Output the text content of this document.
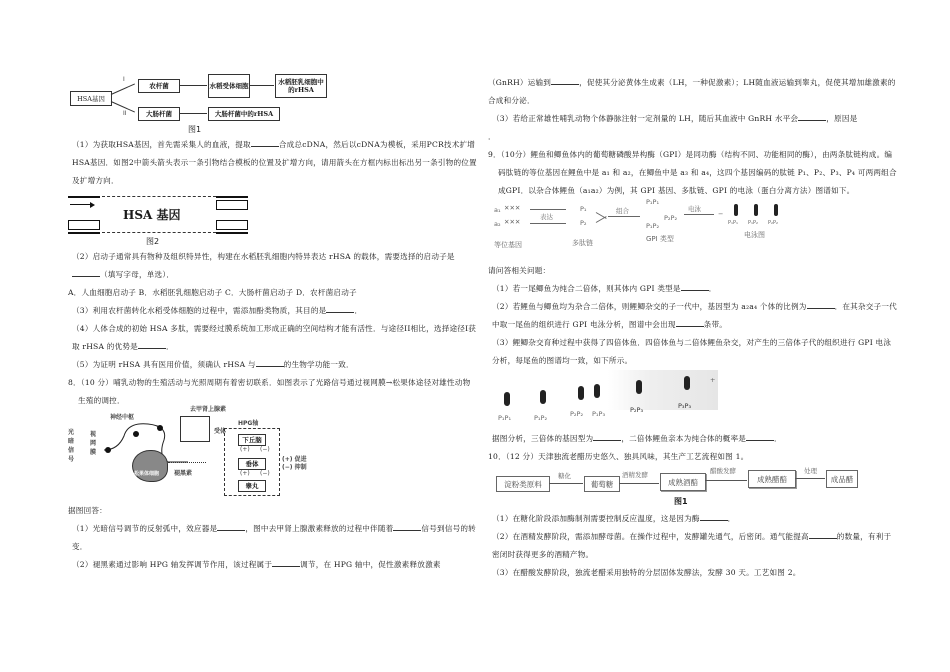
HSA基因
I
II
农杆菌	水稻受体细胞	水稻胚乳细胞中的rHSA
大肠杆菌	大肠杆菌中的rHSA
图1

（1）为获取HSA基因，首先需采集人的血液，提取	合成总cDNA，然后以cDNA为模板，采用PCR技术扩增HSA基因．如图2中箭头箭头表示一条引物结合模板的位置及扩增方向，请用箭头在方框内标出标出另一条引物的位置及扩增方向．

HSA 基因
图2

（2）启动子通常具有物种及组织特异性，构建在水稻胚乳细胞内特异表达 rHSA 的载体，需要选择的启动子是（填写字母，单选）．

A．人血细胞启动子 B．水稻胚乳细胞启动子 C．大肠杆菌启动子 D．农杆菌启动子

（3）利用农杆菌转化水稻受体细胞的过程中，需添加酚类物质，其目的是	．

（4）人体合成的初始 HSA 多肽，需要经过膜系统加工形成正确的空间结构才能有活性．与途径II相比，选择途径I获取 rHSA 的优势是	．

（5）为证明 rHSA 具有医用价值，须确认 rHSA 与	的生物学功能一致．

8．（10 分）哺乳动物的生殖活动与光照周期有着密切联系．如图表示了光路信号通过视网膜→松果体途径对雄性动物生殖的调控．

光暗信号
视网膜
神经中枢
去甲肾上腺素
受体
松果体细胞 褪黑素
HPG轴
下丘脑
(+) (−)
垂体
(+) (−)
睾丸
(+) 促进
(−) 抑制

据图回答：

（1）光暗信号调节的反射弧中，效应器是	，图中去甲肾上腺激素释放的过程中伴随着	信号到信号的转变．

（2）褪黑素通过影响 HPG 轴发挥调节作用，该过程属于	调节，在 HPG 轴中，促性激素释放激素

（GnRH）运输到	，促使其分泌黄体生成素（LH，一种促激素）；LH随血液运输到睾丸，促使其增加雄激素的合成和分泌．

（3）若给正常雄性哺乳动物个体静脉注射一定剂量的 LH，随后其血液中 GnRH 水平会	，原因是

．

9．（10分）鲤鱼和鲫鱼体内的葡萄糖磷酸异构酶（GPI）是同功酶（结构不同、功能相同的酶），由两条肽链构成。编码肽链的等位基因在鲤鱼中是 a₁ 和 a₂，在鲫鱼中是 a₃ 和 a₄，这四个基因编码的肽链 P₁、P₂、P₃、P₄ 可两两组合成GPI．以杂合体鲤鱼（a₁a₂）为例，其 GPI 基因、多肽链、GPI 的电泳（蛋白分离方法）图谱如下。

a₁ ✕✕✕
a₂ ✕✕✕
表达
P₁
P₂
组合
P₁P₁
P₁P₂
P₂P₂
电泳
−
P₁P₁ P₁P₂ P₂P₂
等位基因	多肽链	GPI 类型	电泳图

请问答相关问题：

（1）若一尾鲫鱼为纯合二倍体，则其体内 GPI 类型是	．

（2）若鲤鱼与鲫鱼均为杂合二倍体，则鲤鲫杂交的子一代中，基因型为 a₂a₄ 个体的比例为	．在其杂交子一代中取一尾鱼的组织进行 GPI 电泳分析，图谱中会出现	条带。

（3）鲤鲫杂交育种过程中获得了四倍体鱼．四倍体鱼与二倍体鲤鱼杂交，对产生的三倍体子代的组织进行 GPI 电泳分析，每尾鱼的图谱均一致，如下所示。

+
P₁P₁	P₁P₂	P₂P₂ P₁P₃	P₂P₃	P₃P₃

据图分析，三倍体的基因型为	，二倍体鲤鱼亲本为纯合体的概率是	．

10．（12 分）天津独流老醋历史悠久、独具风味，其生产工艺流程如图 1。

淀粉类原料
糖化
葡萄糖
酒精发酵
成熟酒醅
醋酸发酵
成熟醋醅
处理
成品醋
图1

（1）在糖化阶段添加酶制剂需要控制反应温度，这是因为酶	．

（2）在酒精发酵阶段，需添加酵母菌。在操作过程中，发酵罐先通气，后密闭。通气能提高	的数量，有利于密闭时获得更多的酒精产物。

（3）在醋酸发酵阶段，独流老醋采用独特的分层固体发酵法，发酵 30 天。工艺如图 2。
